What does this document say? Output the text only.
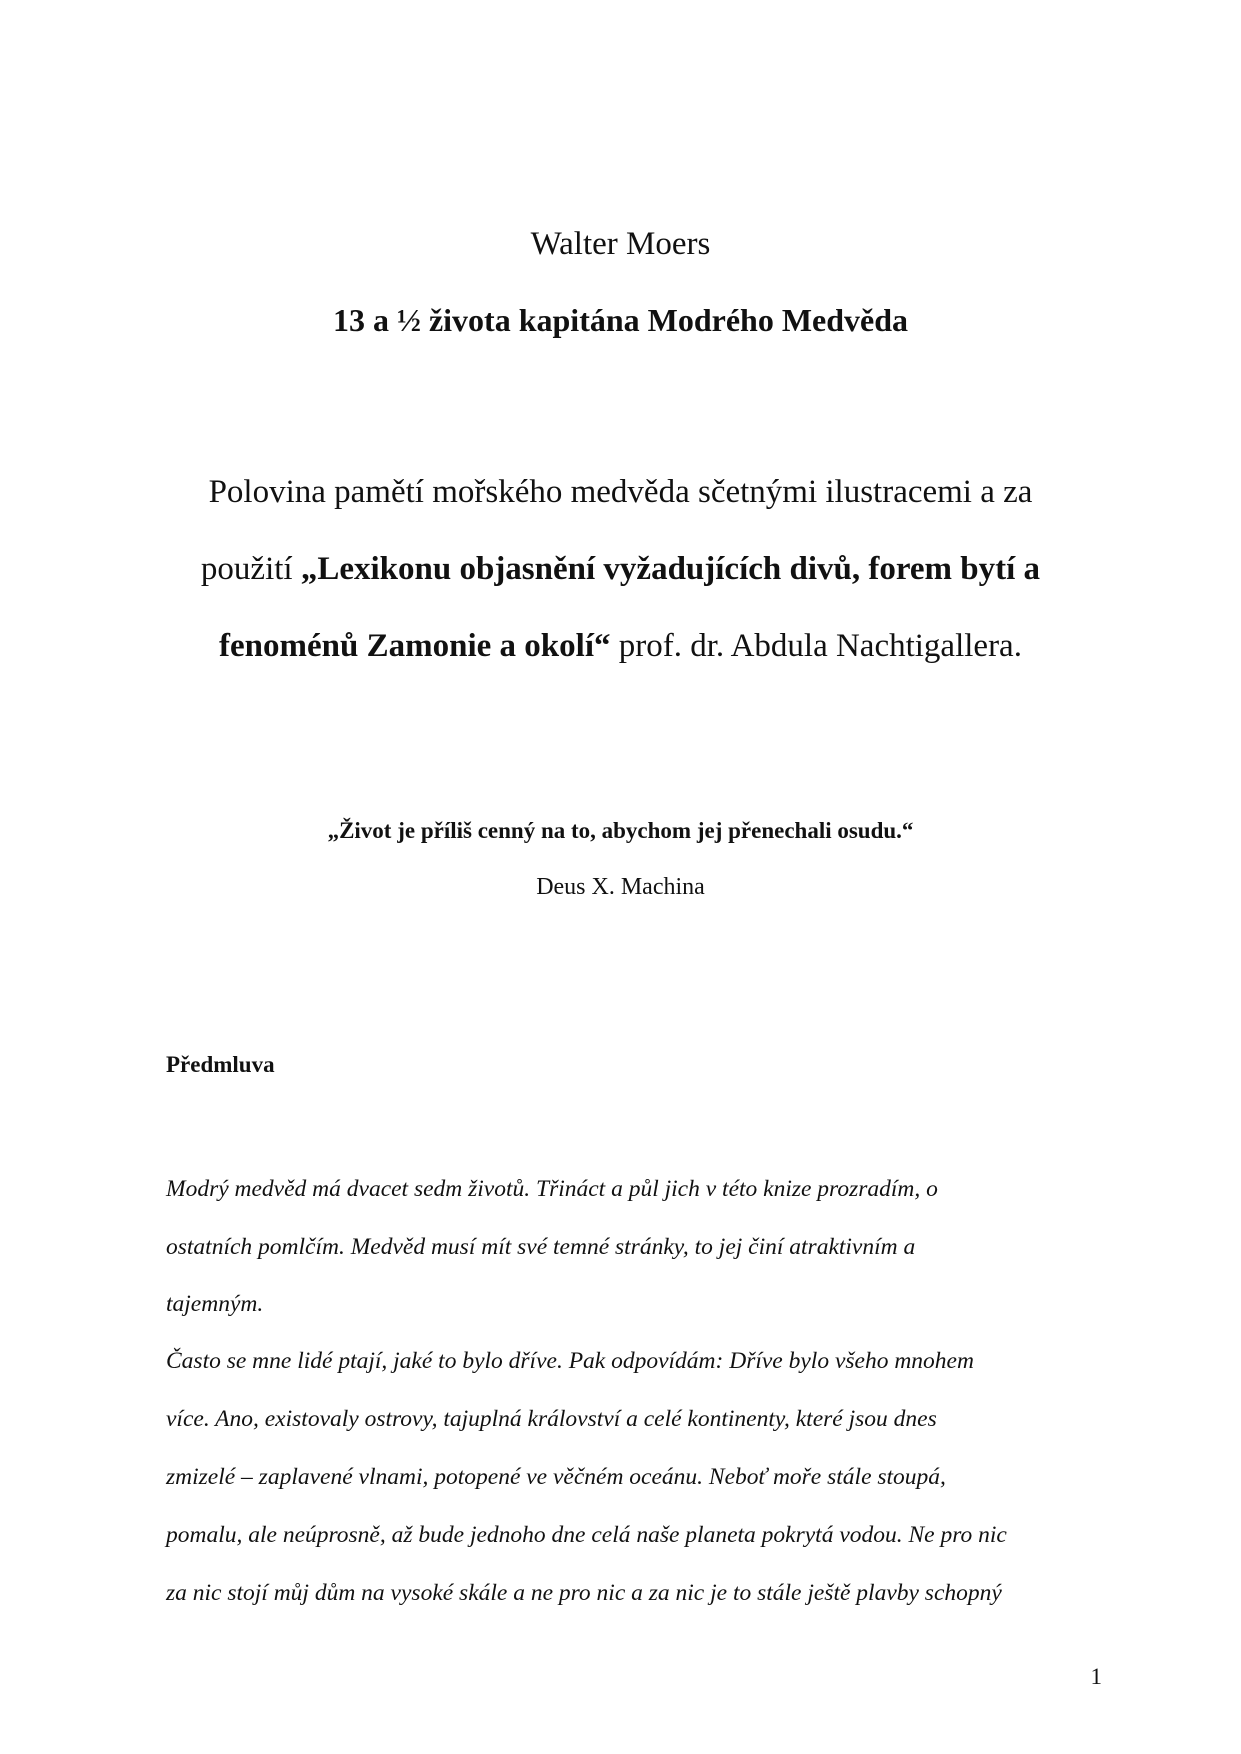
Walter Moers
13 a ½ života kapitána Modrého Medvěda
Polovina pamětí mořského medvěda sčetnými ilustracemi a za
použití „Lexikonu objasnění vyžadujících divů, forem bytí a
fenoménů Zamonie a okolí“ prof. dr. Abdula Nachtigallera.
„Život je příliš cenný na to, abychom jej přenechali osudu.“
Deus X. Machina
Předmluva
Modrý medvěd má dvacet sedm životů. Třináct a půl jich v této knize prozradím, o
ostatních pomlčím. Medvěd musí mít své temné stránky, to jej činí atraktivním a
tajemným.
Často se mne lidé ptají, jaké to bylo dříve. Pak odpovídám: Dříve bylo všeho mnohem
více. Ano, existovaly ostrovy, tajuplná království a celé kontinenty, které jsou dnes
zmizelé – zaplavené vlnami, potopené ve věčném oceánu. Neboť moře stále stoupá,
pomalu, ale neúprosně, až bude jednoho dne celá naše planeta pokrytá vodou. Ne pro nic
za nic stojí můj dům na vysoké skále a ne pro nic a za nic je to stále ještě plavby schopný
1
